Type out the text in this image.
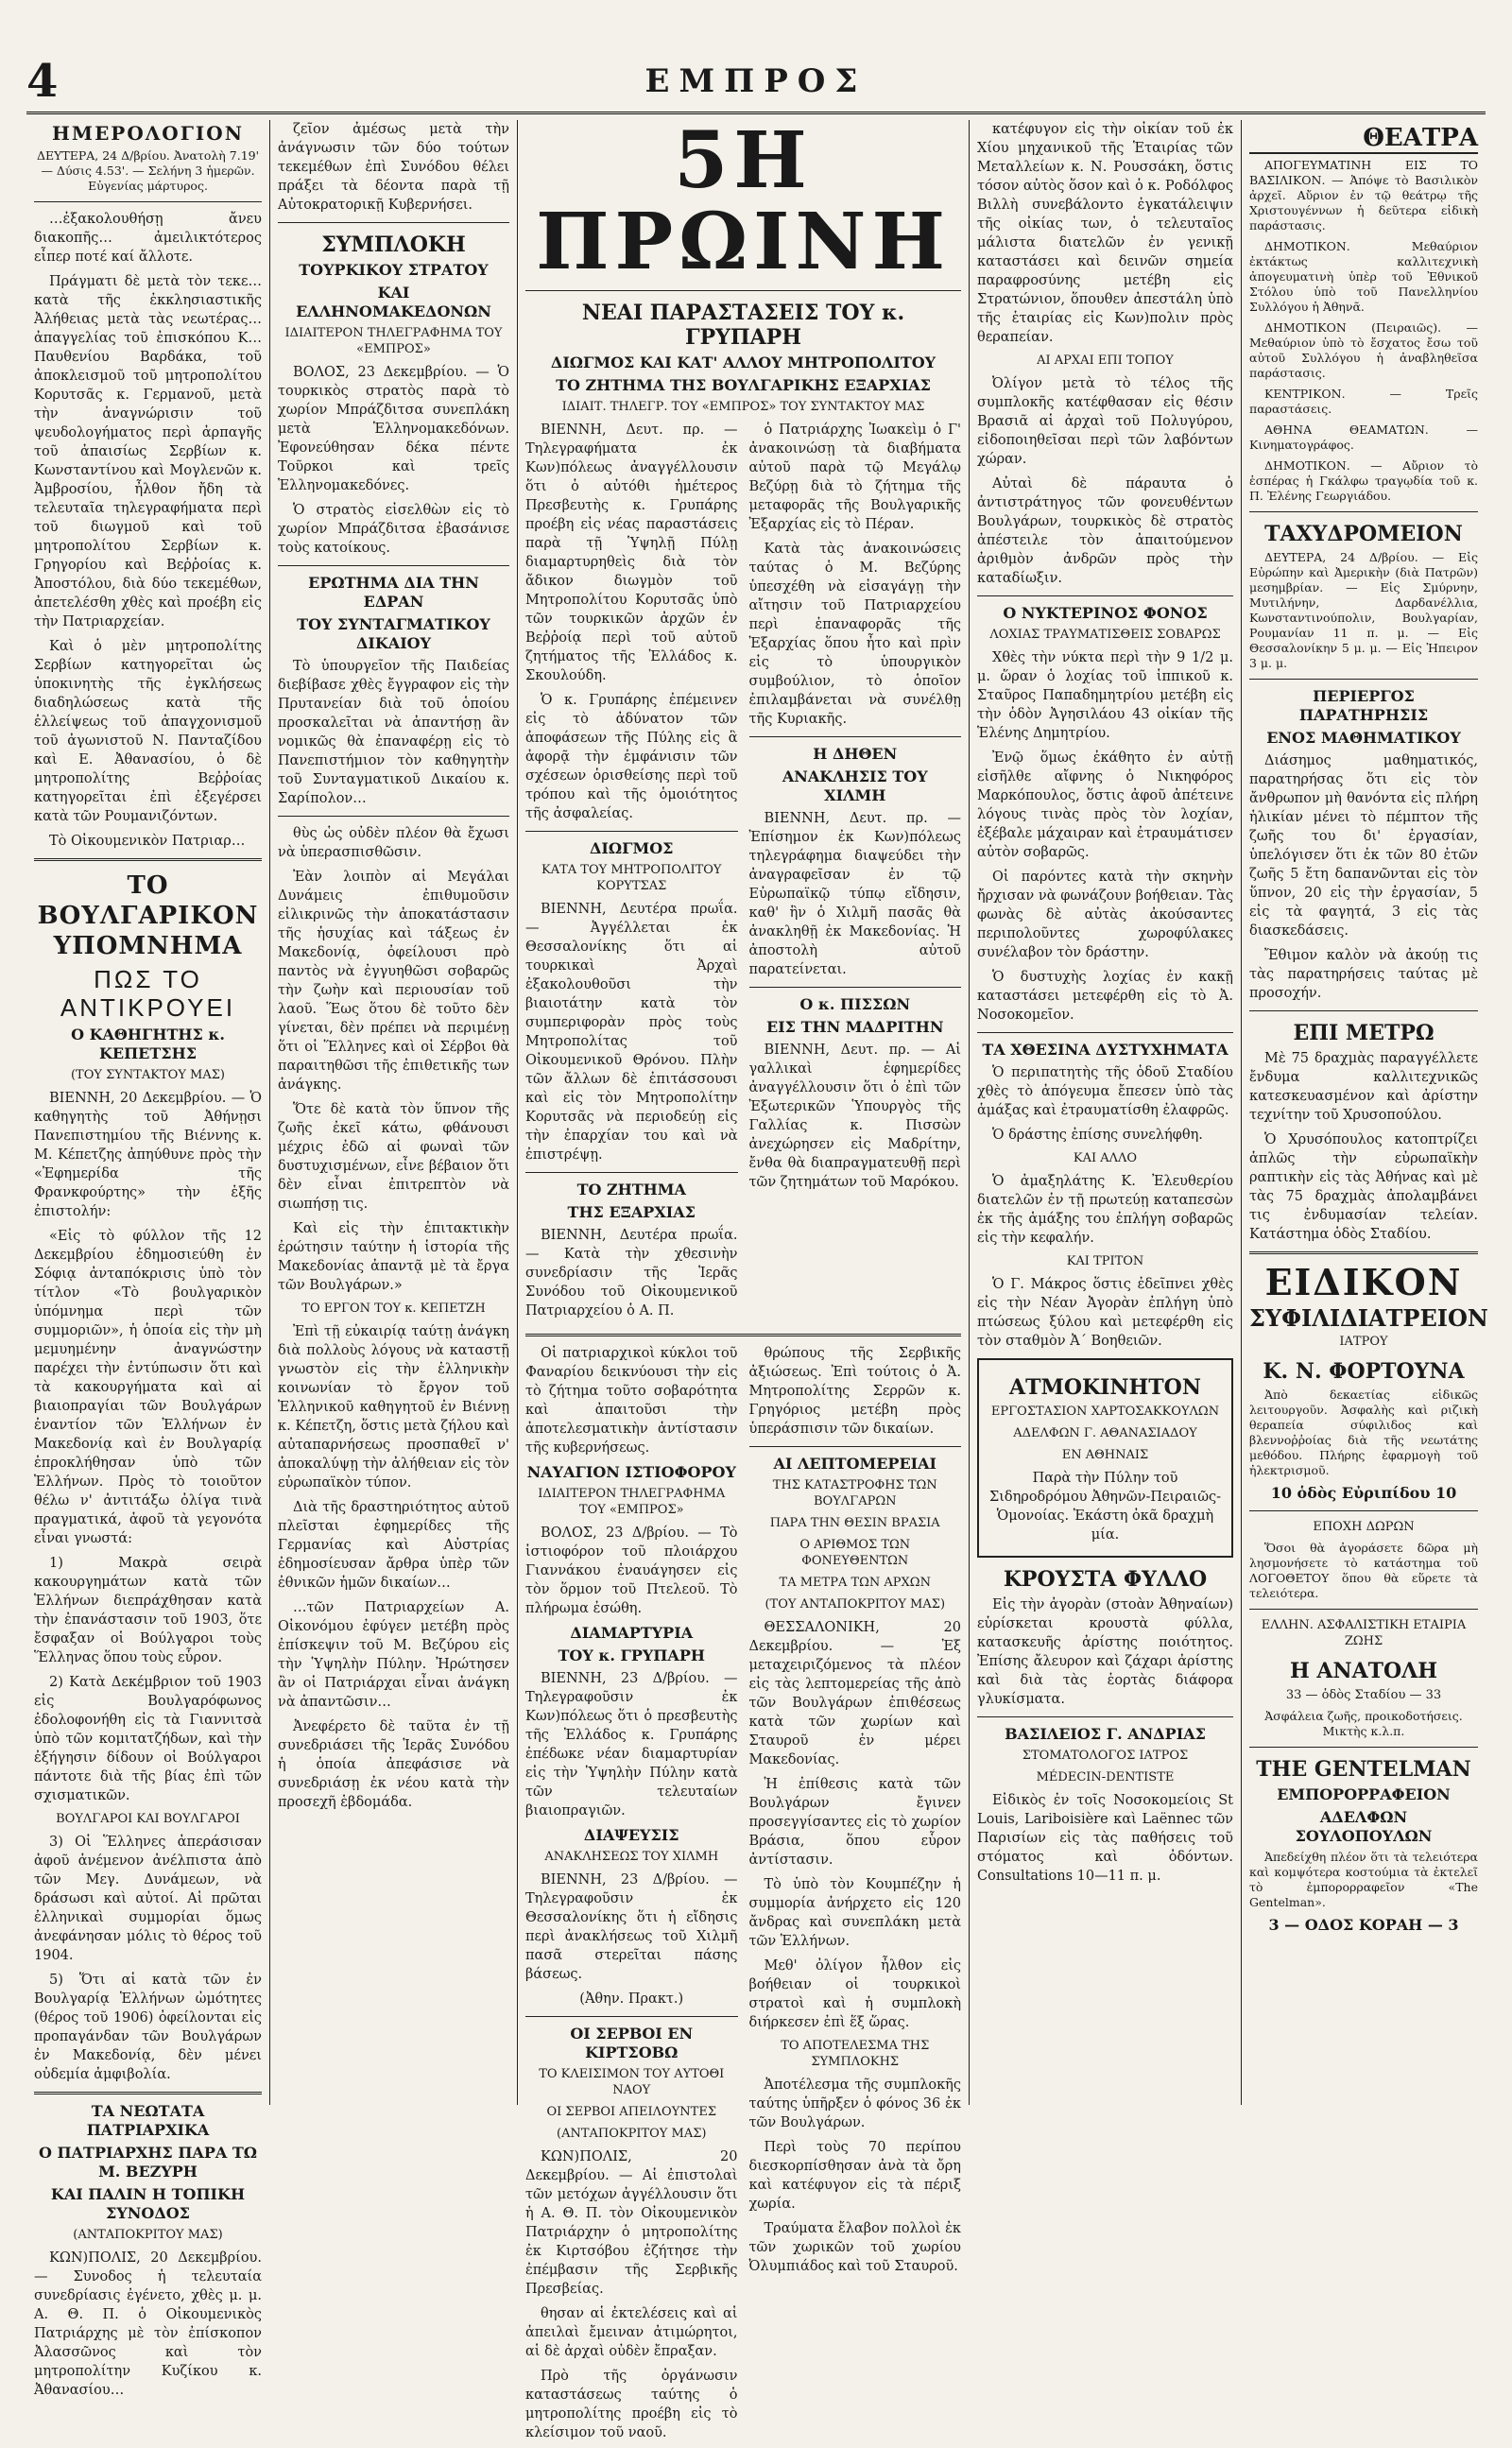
4	ΕΜΠΡΟΣ
ΗΜΕΡΟΛΟΓΙΟΝ

ΔΕΥΤΕΡΑ, 24 Δ/βρίου. Ἀνατολὴ 7.19' — Δύσις 4.53'. — Σελήνη 3 ἡμερῶν. Εὐγενίας μάρτυρος.

…ἐξακολουθήσῃ ἄνευ διακοπῆς… ἀμειλικτότερος εἶπερ ποτέ καί ἄλλοτε.

Πράγματι δὲ μετὰ τὸν τεκε… κατὰ τῆς ἐκκλησιαστικῆς Ἀλήθειας μετὰ τὰς νεωτέρας… ἀπαγγελίας τοῦ ἐπισκόπου Κ… Παυθενίου Βαρδάκα, τοῦ ἀποκλεισμοῦ τοῦ μητροπολίτου Κορυτσᾶς κ. Γερμανοῦ, μετὰ τὴν ἀναγνώρισιν τοῦ ψευδολογήματος περὶ ἀρπαγῆς τοῦ ἀπαισίως Σερβίων κ. Κωνσταντίνου καὶ Μογλενῶν κ. Ἀμβροσίου, ἦλθον ἤδη τὰ τελευταῖα τηλεγραφήματα περὶ τοῦ διωγμοῦ καὶ τοῦ μητροπολίτου Σερβίων κ. Γρηγορίου καὶ Βεῤῥοίας κ. Ἀποστόλου, διὰ δύο τεκεμέθων, ἀπετελέσθη χθὲς καὶ προέβη εἰς τὴν Πατριαρχείαν.

Καὶ ὁ μὲν μητροπολίτης Σερβίων κατηγορεῖται ὡς ὑποκινητὴς τῆς ἐγκλήσεως διαδηλώσεως κατὰ τῆς ἐλλείψεως τοῦ ἀπαγχονισμοῦ τοῦ ἀγωνιστοῦ Ν. Πανταζίδου καὶ Ε. Ἀθανασίου, ὁ δὲ μητροπολίτης Βεῤῥοίας κατηγορεῖται ἐπὶ ἐξεγέρσει κατὰ τῶν Ρουμανιζόντων.

Τὸ Οἰκουμενικὸν Πατριαρ…

ΤΟ ΒΟΥΛΓΑΡΙΚΟΝ ΥΠΟΜΝΗΜΑ
ΠΩΣ ΤΟ ΑΝΤΙΚΡΟΥΕΙ
Ο ΚΑΘΗΓΗΤΗΣ κ. ΚΕΠΕΤΣΗΣ
(ΤΟΥ ΣΥΝΤΑΚΤΟΥ ΜΑΣ)

ΒΙΕΝΝΗ, 20 Δεκεμβρίου. — Ὁ καθηγητὴς τοῦ Ἀθήνῃσι Πανεπιστημίου τῆς Βιέννης κ. Μ. Κέπετζης ἀπηύθυνε πρὸς τὴν «Ἐφημερίδα τῆς Φρανκφούρτης» τὴν ἑξῆς ἐπιστολήν:

«Εἰς τὸ φύλλον τῆς 12 Δεκεμβρίου ἐδημοσιεύθη ἐν Σόφιᾳ ἀνταπόκρισις ὑπὸ τὸν τίτλον «Τὸ βουλγαρικὸν ὑπόμνημα περὶ τῶν συμμοριῶν», ἡ ὁποία εἰς τὴν μὴ μεμυημένην ἀναγνώστην παρέχει τὴν ἐντύπωσιν ὅτι καὶ τὰ κακουργήματα καὶ αἱ βιαιοπραγίαι τῶν Βουλγάρων ἐναντίον τῶν Ἑλλήνων ἐν Μακεδονίᾳ καὶ ἐν Βουλγαρίᾳ ἐπροκλήθησαν ὑπὸ τῶν Ἑλλήνων. Πρὸς τὸ τοιοῦτον θέλω ν' ἀντιτάξω ὀλίγα τινὰ πραγματικά, ἀφοῦ τὰ γεγονότα εἶναι γνωστά:

1) Μακρὰ σειρὰ κακουργημάτων κατὰ τῶν Ἑλλήνων διεπράχθησαν κατὰ τὴν ἐπανάστασιν τοῦ 1903, ὅτε ἔσφαξαν οἱ Βούλγαροι τοὺς Ἕλληνας ὅπου τοὺς εὗρον.

2) Κατὰ Δεκέμβριον τοῦ 1903 εἰς Βουλγαρόφωνος ἐδολοφονήθη εἰς τὰ Γιαννιτσὰ ὑπὸ τῶν κομιτατζήδων, καὶ τὴν ἐξήγησιν δίδουν οἱ Βούλγαροι πάντοτε διὰ τῆς βίας ἐπὶ τῶν σχισματικῶν.

ΒΟΥΛΓΑΡΟΙ ΚΑΙ ΒΟΥΛΓΑΡΟΙ

3) Οἱ Ἕλληνες ἀπεράσισαν ἀφοῦ ἀνέμενον ἀνέλπιστα ἀπὸ τῶν Μεγ. Δυνάμεων, νὰ δράσωσι καὶ αὐτοί. Αἱ πρῶται ἐλληνικαὶ συμμορίαι ὅμως ἀνεφάνησαν μόλις τὸ θέρος τοῦ 1904.

5) Ὅτι αἱ κατὰ τῶν ἐν Βουλγαρίᾳ Ἑλλήνων ὠμότητες (θέρος τοῦ 1906) ὀφείλονται εἰς προπαγάνδαν τῶν Βουλγάρων ἐν Μακεδονίᾳ, δὲν μένει οὐδεμία ἀμφιβολία.

ΤΑ ΝΕΩΤΑΤΑ ΠΑΤΡΙΑΡΧΙΚΑ
Ο ΠΑΤΡΙΑΡΧΗΣ ΠΑΡΑ ΤΩ Μ. ΒΕΖΥΡΗ
ΚΑΙ ΠΑΛΙΝ Η ΤΟΠΙΚΗ ΣΥΝΟΔΟΣ
(ΑΝΤΑΠΟΚΡΙΤΟΥ ΜΑΣ)

ΚΩΝ)ΠΟΛΙΣ, 20 Δεκεμβρίου. — Συνοδος ἡ τελευταία συνεδρίασις ἐγένετο, χθὲς μ. μ. Α. Θ. Π. ὁ Οἰκουμενικὸς Πατριάρχης μὲ τὸν ἐπίσκοπον Ἀλασσῶνος καὶ τὸν μητροπολίτην Κυζίκου κ. Ἀθανασίου…

ζεῖον ἀμέσως μετὰ τὴν ἀνάγνωσιν τῶν δύο τούτων τεκεμέθων ἐπὶ Συνόδου θέλει πράξει τὰ δέοντα παρὰ τῇ Αὐτοκρατορικῇ Κυβερνήσει.

ΣΥΜΠΛΟΚΗ
ΤΟΥΡΚΙΚΟΥ ΣΤΡΑΤΟΥ
ΚΑΙ ΕΛΛΗΝΟΜΑΚΕΔΟΝΩΝ
ΙΔΙΑΙΤΕΡΟΝ ΤΗΛΕΓΡΑΦΗΜΑ ΤΟΥ «ΕΜΠΡΟΣ»

ΒΟΛΟΣ, 23 Δεκεμβρίου. — Ὁ τουρκικὸς στρατὸς παρὰ τὸ χωρίον Μπράζδιτσα συνεπλάκη μετὰ Ἑλληνομακεδόνων. Ἐφονεύθησαν δέκα πέντε Τοῦρκοι καὶ τρεῖς Ἑλληνομακεδόνες.

Ὁ στρατὸς εἰσελθὼν εἰς τὸ χωρίον Μπράζδιτσα ἐβασάνισε τοὺς κατοίκους.

ΕΡΩΤΗΜΑ ΔΙΑ ΤΗΝ ΕΔΡΑΝ
ΤΟΥ ΣΥΝΤΑΓΜΑΤΙΚΟΥ ΔΙΚΑΙΟΥ

Τὸ ὑπουργεῖον τῆς Παιδείας διεβίβασε χθὲς ἔγγραφον εἰς τὴν Πρυτανείαν διὰ τοῦ ὁποίου προσκαλεῖται νὰ ἀπαντήσῃ ἂν νομικῶς θὰ ἐπαναφέρῃ εἰς τὸ Πανεπιστήμιον τὸν καθηγητὴν τοῦ Συνταγματικοῦ Δικαίου κ. Σαρίπολον…

θὺς ὡς οὐδὲν πλέον θὰ ἔχωσι νὰ ὑπερασπισθῶσιν.

Ἐὰν λοιπὸν αἱ Μεγάλαι Δυνάμεις ἐπιθυμοῦσιν εἰλικρινῶς τὴν ἀποκατάστασιν τῆς ἡσυχίας καὶ τάξεως ἐν Μακεδονίᾳ, ὀφείλουσι πρὸ παντὸς νὰ ἐγγυηθῶσι σοβαρῶς τὴν ζωὴν καὶ περιουσίαν τοῦ λαοῦ. Ἕως ὅτου δὲ τοῦτο δὲν γίνεται, δὲν πρέπει νὰ περιμένῃ ὅτι οἱ Ἕλληνες καὶ οἱ Σέρβοι θὰ παραιτηθῶσι τῆς ἐπιθετικῆς των ἀνάγκης.

Ὅτε δὲ κατὰ τὸν ὕπνον τῆς ζωῆς ἐκεῖ κάτω, φθάνουσι μέχρις ἐδῶ αἱ φωναὶ τῶν δυστυχισμένων, εἶνε βέβαιον ὅτι δὲν εἶναι ἐπιτρεπτὸν νὰ σιωπήσῃ τις.

Καὶ εἰς τὴν ἐπιτακτικὴν ἐρώτησιν ταύτην ἡ ἱστορία τῆς Μακεδονίας ἀπαντᾷ μὲ τὰ ἔργα τῶν Βουλγάρων.»

ΤΟ ΕΡΓΟΝ ΤΟΥ κ. ΚΕΠΕΤΖΗ

Ἐπὶ τῇ εὐκαιρίᾳ ταύτῃ ἀνάγκη διὰ πολλοὺς λόγους νὰ καταστῇ γνωστὸν εἰς τὴν ἑλληνικὴν κοινωνίαν τὸ ἔργον τοῦ Ἑλληνικοῦ καθηγητοῦ ἐν Βιέννῃ κ. Κέπετζη, ὅστις μετὰ ζήλου καὶ αὐταπαρνήσεως προσπαθεῖ ν' ἀποκαλύψῃ τὴν ἀλήθειαν εἰς τὸν εὐρωπαϊκὸν τύπον.

Διὰ τῆς δραστηριότητος αὐτοῦ πλεῖσται ἐφημερίδες τῆς Γερμανίας καὶ Αὐστρίας ἐδημοσίευσαν ἄρθρα ὑπὲρ τῶν ἐθνικῶν ἡμῶν δικαίων…

…τῶν Πατριαρχείων Α. Οἰκονόμου ἐφύγεν μετέβη πρὸς ἐπίσκεψιν τοῦ Μ. Βεζύρου εἰς τὴν Ὑψηλὴν Πύλην. Ἠρώτησεν ἂν οἱ Πατριάρχαι εἶναι ἀνάγκη νὰ ἀπαντῶσιν…

Ἀνεφέρετο δὲ ταῦτα ἐν τῇ συνεδριάσει τῆς Ἱερᾶς Συνόδου ἡ ὁποία ἀπεφάσισε νὰ συνεδριάσῃ ἐκ νέου κατὰ τὴν προσεχῆ ἑβδομάδα.

5Η ΠΡΩΙΝΗ
ΝΕΑΙ ΠΑΡΑΣΤΑΣΕΙΣ ΤΟΥ κ. ΓΡΥΠΑΡΗ
ΔΙΩΓΜΟΣ ΚΑΙ ΚΑΤ' ΑΛΛΟΥ ΜΗΤΡΟΠΟΛΙΤΟΥ
ΤΟ ΖΗΤΗΜΑ ΤΗΣ ΒΟΥΛΓΑΡΙΚΗΣ ΕΞΑΡΧΙΑΣ
ΙΔΙΑΙΤ. ΤΗΛΕΓΡ. ΤΟΥ «ΕΜΠΡΟΣ» ΤΟΥ ΣΥΝΤΑΚΤΟΥ ΜΑΣ

ΒΙΕΝΝΗ, Δευτ. πρ. — Τηλεγραφήματα ἐκ Κων)πόλεως ἀναγγέλλουσιν ὅτι ὁ αὐτόθι ἡμέτερος Πρεσβευτὴς κ. Γρυπάρης προέβη εἰς νέας παραστάσεις παρὰ τῇ Ὑψηλῇ Πύλῃ διαμαρτυρηθεὶς διὰ τὸν ἄδικον διωγμὸν τοῦ Μητροπολίτου Κορυτσᾶς ὑπὸ τῶν τουρκικῶν ἀρχῶν ἐν Βεῤῥοίᾳ περὶ τοῦ αὐτοῦ ζητήματος τῆς Ἐλλάδος κ. Σκουλούδη.

Ὁ κ. Γρυπάρης ἐπέμεινεν εἰς τὸ ἀδύνατον τῶν ἀποφάσεων τῆς Πύλης εἰς ἃ ἀφορᾷ τὴν ἐμφάνισιν τῶν σχέσεων ὁρισθείσης περὶ τοῦ τρόπου καὶ τῆς ὁμοιότητος τῆς ἀσφαλείας.

ΔΙΩΓΜΟΣ
ΚΑΤΑ ΤΟΥ ΜΗΤΡΟΠΟΛΙΤΟΥ ΚΟΡΥΤΣΑΣ

ΒΙΕΝΝΗ, Δευτέρα πρωΐα. — Ἀγγέλλεται ἐκ Θεσσαλονίκης ὅτι αἱ τουρκικαὶ Ἀρχαὶ ἐξακολουθοῦσι τὴν βιαιοτάτην κατὰ τὸν συμπεριφορὰν πρὸς τοὺς Μητροπολίτας τοῦ Οἰκουμενικοῦ Θρόνου. Πλὴν τῶν ἄλλων δὲ ἐπιτάσσουσι καὶ εἰς τὸν Μητροπολίτην Κορυτσᾶς νὰ περιοδεύῃ εἰς τὴν ἐπαρχίαν του καὶ νὰ ἐπιστρέψῃ.

ΤΟ ΖΗΤΗΜΑ
ΤΗΣ ΕΞΑΡΧΙΑΣ

ΒΙΕΝΝΗ, Δευτέρα πρωΐα. — Κατὰ τὴν χθεσινὴν συνεδρίασιν τῆς Ἱερᾶς Συνόδου τοῦ Οἰκουμενικοῦ Πατριαρχείου ὁ Α. Π.

ὁ Πατριάρχης Ἰωακεὶμ ὁ Γ' ἀνακοινώσῃ τὰ διαβήματα αὐτοῦ παρὰ τῷ Μεγάλῳ Βεζύρῃ διὰ τὸ ζήτημα τῆς μεταφορᾶς τῆς Βουλγαρικῆς Ἐξαρχίας εἰς τὸ Πέραν.

Κατὰ τὰς ἀνακοινώσεις ταύτας ὁ Μ. Βεζύρης ὑπεσχέθη νὰ εἰσαγάγῃ τὴν αἴτησιν τοῦ Πατριαρχείου περὶ ἐπαναφορᾶς τῆς Ἐξαρχίας ὅπου ἦτο καὶ πρὶν εἰς τὸ ὑπουργικὸν συμβούλιον, τὸ ὁποῖον ἐπιλαμβάνεται νὰ συνέλθῃ τῆς Κυριακῆς.

Η ΔΗΘΕΝ
ΑΝΑΚΛΗΣΙΣ ΤΟΥ ΧΙΛΜΗ

ΒΙΕΝΝΗ, Δευτ. πρ. — Ἐπίσημον ἐκ Κων)πόλεως τηλεγράφημα διαψεύδει τὴν ἀναγραφεῖσαν ἐν τῷ Εὐρωπαϊκῷ τύπῳ εἴδησιν, καθ' ἣν ὁ Χιλμῆ πασᾶς θὰ ἀνακληθῇ ἐκ Μακεδονίας. Ἡ ἀποστολὴ αὐτοῦ παρατείνεται.

Ο κ. ΠΙΣΣΩΝ
ΕΙΣ ΤΗΝ ΜΑΔΡΙΤΗΝ

ΒΙΕΝΝΗ, Δευτ. πρ. — Αἱ γαλλικαὶ ἐφημερίδες ἀναγγέλλουσιν ὅτι ὁ ἐπὶ τῶν Ἐξωτερικῶν Ὑπουργὸς τῆς Γαλλίας κ. Πισσὼν ἀνεχώρησεν εἰς Μαδρίτην, ἔνθα θὰ διαπραγματευθῇ περὶ τῶν ζητημάτων τοῦ Μαρόκου.

Οἱ πατριαρχικοὶ κύκλοι τοῦ Φαναρίου δεικνύουσι τὴν εἰς τὸ ζήτημα τοῦτο σοβαρότητα καὶ ἀπαιτοῦσι τὴν ἀποτελεσματικὴν ἀντίστασιν τῆς κυβερνήσεως.

ΝΑΥΑΓΙΟΝ ΙΣΤΙΟΦΟΡΟΥ
ΙΔΙΑΙΤΕΡΟΝ ΤΗΛΕΓΡΑΦΗΜΑ ΤΟΥ «ΕΜΠΡΟΣ»

ΒΟΛΟΣ, 23 Δ/βρίου. — Τὸ ἱστιοφόρον τοῦ πλοιάρχου Γιαννάκου ἐναυάγησεν εἰς τὸν ὅρμον τοῦ Πτελεοῦ. Τὸ πλήρωμα ἐσώθη.

ΔΙΑΜΑΡΤΥΡΙΑ
ΤΟΥ κ. ΓΡΥΠΑΡΗ

ΒΙΕΝΝΗ, 23 Δ/βρίου. — Τηλεγραφοῦσιν ἐκ Κων)πόλεως ὅτι ὁ πρεσβευτὴς τῆς Ἑλλάδος κ. Γρυπάρης ἐπέδωκε νέαν διαμαρτυρίαν εἰς τὴν Ὑψηλὴν Πύλην κατὰ τῶν τελευταίων βιαιοπραγιῶν.

ΔΙΑΨΕΥΣΙΣ
ΑΝΑΚΛΗΣΕΩΣ ΤΟΥ ΧΙΛΜΗ

ΒΙΕΝΝΗ, 23 Δ/βρίου. — Τηλεγραφοῦσιν ἐκ Θεσσαλονίκης ὅτι ἡ εἴδησις περὶ ἀνακλήσεως τοῦ Χιλμῆ πασᾶ στερεῖται πάσης βάσεως.

(Ἀθην. Πρακτ.)

ΟΙ ΣΕΡΒΟΙ ΕΝ ΚΙΡΤΣΟΒΩ
ΤΟ ΚΛΕΙΣΙΜΟΝ ΤΟΥ ΑΥΤΟΘΙ ΝΑΟΥ
ΟΙ ΣΕΡΒΟΙ ΑΠΕΙΛΟΥΝΤΕΣ
(ΑΝΤΑΠΟΚΡΙΤΟΥ ΜΑΣ)

ΚΩΝ)ΠΟΛΙΣ, 20 Δεκεμβρίου. — Αἱ ἐπιστολαὶ τῶν μετόχων ἀγγέλλουσιν ὅτι ἡ Α. Θ. Π. τὸν Οἰκουμενικὸν Πατριάρχην ὁ μητροπολίτης ἐκ Κιρτσόβου ἐζήτησε τὴν ἐπέμβασιν τῆς Σερβικῆς Πρεσβείας.

θησαν αἱ ἐκτελέσεις καὶ αἱ ἀπειλαὶ ἔμειναν ἀτιμώρητοι, αἱ δὲ ἀρχαὶ οὐδὲν ἔπραξαν.

Πρὸ τῆς ὀργάνωσιν καταστάσεως ταύτης ὁ μητροπολίτης προέβη εἰς τὸ κλείσιμον τοῦ ναοῦ.

θρώπους τῆς Σερβικῆς ἀξιώσεως. Ἐπὶ τούτοις ὁ Ἀ. Μητροπολίτης Σερρῶν κ. Γρηγόριος μετέβη πρὸς ὑπεράσπισιν τῶν δικαίων.

ΑΙ ΛΕΠΤΟΜΕΡΕΙΑΙ
ΤΗΣ ΚΑΤΑΣΤΡΟΦΗΣ ΤΩΝ ΒΟΥΛΓΑΡΩΝ
ΠΑΡΑ ΤΗΝ ΘΕΣΙΝ ΒΡΑΣΙΑ
Ο ΑΡΙΘΜΟΣ ΤΩΝ ΦΟΝΕΥΘΕΝΤΩΝ
ΤΑ ΜΕΤΡΑ ΤΩΝ ΑΡΧΩΝ
(ΤΟΥ ΑΝΤΑΠΟΚΡΙΤΟΥ ΜΑΣ)

ΘΕΣΣΑΛΟΝΙΚΗ, 20 Δεκεμβρίου. — Ἐξ μεταχειριζόμενος τὰ πλέον εἰς τὰς λεπτομερείας τῆς ἀπὸ τῶν Βουλγάρων ἐπιθέσεως κατὰ τῶν χωρίων καὶ Σταυροῦ ἐν μέρει Μακεδονίας.

Ἡ ἐπίθεσις κατὰ τῶν Βουλγάρων ἔγινεν προσεγγίσαντες εἰς τὸ χωρίον Βράσια, ὅπου εὗρον ἀντίστασιν.

Τὸ ὑπὸ τὸν Κουμπέζην ἡ συμμορία ἀνήρχετο εἰς 120 ἄνδρας καὶ συνεπλάκη μετὰ τῶν Ἑλλήνων.

Μεθ' ὀλίγον ἦλθον εἰς βοήθειαν οἱ τουρκικοὶ στρατοὶ καὶ ἡ συμπλοκὴ διήρκεσεν ἐπὶ ἕξ ὥρας.

ΤΟ ΑΠΟΤΕΛΕΣΜΑ ΤΗΣ ΣΥΜΠΛΟΚΗΣ

Ἀποτέλεσμα τῆς συμπλοκῆς ταύτης ὑπῆρξεν ὁ φόνος 36 ἐκ τῶν Βουλγάρων.

Περὶ τοὺς 70 περίπου διεσκορπίσθησαν ἀνὰ τὰ ὄρη καὶ κατέφυγον εἰς τὰ πέριξ χωρία.

Τραύματα ἔλαβον πολλοὶ ἐκ τῶν χωρικῶν τοῦ χωρίου Ὀλυμπιάδος καὶ τοῦ Σταυροῦ.

κατέφυγον εἰς τὴν οἰκίαν τοῦ ἐκ Χίου μηχανικοῦ τῆς Ἑταιρίας τῶν Μεταλλείων κ. Ν. Ρουσσάκη, ὅστις τόσον αὐτὸς ὅσον καὶ ὁ κ. Ροδόλφος Βιλλὴ συνεβάλοντο ἐγκατάλειψιν τῆς οἰκίας των, ὁ τελευταῖος μάλιστα διατελῶν ἐν γενικῇ καταστάσει καὶ δεινῶν σημεία παραφροσύνης μετέβη εἰς Στρατώνιον, ὅπουθεν ἀπεστάλη ὑπὸ τῆς ἑταιρίας εἰς Κων)πολιν πρὸς θεραπείαν.

ΑΙ ΑΡΧΑΙ ΕΠΙ ΤΟΠΟΥ

Ὀλίγον μετὰ τὸ τέλος τῆς συμπλοκῆς κατέφθασαν εἰς θέσιν Βρασιᾶ αἱ ἀρχαὶ τοῦ Πολυγύρου, εἰδοποιηθεῖσαι περὶ τῶν λαβόντων χώραν.

Αὐταὶ δὲ πάραυτα ὁ ἀντιστράτηγος τῶν φονευθέντων Βουλγάρων, τουρκικὸς δὲ στρατὸς ἀπέστειλε τὸν ἀπαιτούμενον ἀριθμὸν ἀνδρῶν πρὸς τὴν καταδίωξιν.

Ο ΝΥΚΤΕΡΙΝΟΣ ΦΟΝΟΣ
ΛΟΧΙΑΣ ΤΡΑΥΜΑΤΙΣΘΕΙΣ ΣΟΒΑΡΩΣ

Χθὲς τὴν νύκτα περὶ τὴν 9 1/2 μ. μ. ὥραν ὁ λοχίας τοῦ ἱππικοῦ κ. Σταῦρος Παπαδημητρίου μετέβη εἰς τὴν ὁδὸν Ἀγησιλάου 43 οἰκίαν τῆς Ἑλένης Δημητρίου.

Ἐνῷ ὅμως ἐκάθητο ἐν αὐτῇ εἰσῆλθε αἴφνης ὁ Νικηφόρος Μαρκόπουλος, ὅστις ἀφοῦ ἀπέτεινε λόγους τινὰς πρὸς τὸν λοχίαν, ἐξέβαλε μάχαιραν καὶ ἐτραυμάτισεν αὐτὸν σοβαρῶς.

Οἱ παρόντες κατὰ τὴν σκηνὴν ἤρχισαν νὰ φωνάζουν βοήθειαν. Τὰς φωνὰς δὲ αὐτὰς ἀκούσαντες περιπολοῦντες χωροφύλακες συνέλαβον τὸν δράστην.

Ὁ δυστυχὴς λοχίας ἐν κακῇ καταστάσει μετεφέρθη εἰς τὸ Ἀ. Νοσοκομεῖον.

ΤΑ ΧΘΕΣΙΝΑ ΔΥΣΤΥΧΗΜΑΤΑ

Ὁ περιπατητὴς τῆς ὁδοῦ Σταδίου χθὲς τὸ ἀπόγευμα ἔπεσεν ὑπὸ τὰς ἁμάξας καὶ ἐτραυματίσθη ἐλαφρῶς.

Ὁ δράστης ἐπίσης συνελήφθη.

ΚΑΙ ΑΛΛΟ

Ὁ ἀμαξηλάτης Κ. Ἐλευθερίου διατελῶν ἐν τῇ πρωτεύῃ καταπεσὼν ἐκ τῆς ἁμάξης του ἐπλήγη σοβαρῶς εἰς τὴν κεφαλήν.

ΚΑΙ ΤΡΙΤΟΝ

Ὁ Γ. Μάκρος ὅστις ἐδεῖπνει χθὲς εἰς τὴν Νέαν Ἀγορὰν ἐπλήγη ὑπὸ πτώσεως ξύλου καὶ μετεφέρθη εἰς τὸν σταθμὸν Ἀ΄ Βοηθειῶν.

ΑΤΜΟΚΙΝΗΤΟΝ
ΕΡΓΟΣΤΑΣΙΟΝ ΧΑΡΤΟΣΑΚΚΟΥΛΩΝ
ΑΔΕΛΦΩΝ Γ. ΑΘΑΝΑΣΙΑΔΟΥ
ΕΝ ΑΘΗΝΑΙΣ

Παρὰ τὴν Πύλην τοῦ Σιδηροδρόμου Ἀθηνῶν-Πειραιῶς-Ὁμονοίας. Ἑκάστη ὀκᾶ δραχμὴ μία.

ΚΡΟΥΣΤΑ ΦΥΛΛΟ

Εἰς τὴν ἀγορὰν (στοὰν Ἀθηναίων) εὑρίσκεται κρουστὰ φύλλα, κατασκευῆς ἀρίστης ποιότητος. Ἐπίσης ἄλευρον καὶ ζάχαρι ἀρίστης καὶ διὰ τὰς ἑορτὰς διάφορα γλυκίσματα.

ΒΑΣΙΛΕΙΟΣ Γ. ΑΝΔΡΙΑΣ
ΣΤΟΜΑΤΟΛΟΓΟΣ ΙΑΤΡΟΣ
MÉDECIN-DENTISTE

Εἰδικὸς ἐν τοῖς Νοσοκομείοις St Louis, Lariboisière καὶ Laënnec τῶν Παρισίων εἰς τὰς παθήσεις τοῦ στόματος καὶ ὀδόντων. Consultations 10—11 π. μ.

ΘΕΑΤΡΑ

ΑΠΟΓΕΥΜΑΤΙΝΗ ΕΙΣ ΤΟ ΒΑΣΙΛΙΚΟΝ. — Ἀπόψε τὸ Βασιλικὸν ἀρχεῖ. Αὔριον ἐν τῷ θεάτρῳ τῆς Χριστουγέννων ἡ δεῦτερα εἰδικὴ παράστασις.

ΔΗΜΟΤΙΚΟΝ. Μεθαύριον ἐκτάκτως καλλιτεχνικὴ ἀπογευματινὴ ὑπὲρ τοῦ Ἐθνικοῦ Στόλου ὑπὸ τοῦ Πανελληνίου Συλλόγου ἡ Ἀθηνᾶ.

ΔΗΜΟΤΙΚΟΝ (Πειραιῶς). — Μεθαύριον ὑπὸ τὸ ἔσχατος ἔσω τοῦ αὐτοῦ Συλλόγου ἡ ἀναβληθεῖσα παράστασις.

ΚΕΝΤΡΙΚΟΝ. — Τρεῖς παραστάσεις.

ΑΘΗΝΑ ΘΕΑΜΑΤΩΝ. — Κινηματογράφος.

ΔΗΜΟΤΙΚΟΝ. — Αὔριον τὸ ἑσπέρας ἡ Γκάλφω τραγῳδία τοῦ κ. Π. Ἐλένης Γεωργιάδου.

ΤΑΧΥΔΡΟΜΕΙΟΝ

ΔΕΥΤΕΡΑ, 24 Δ/βρίου. — Εἰς Εὐρώπην καὶ Ἀμερικὴν (διὰ Πατρῶν) μεσημβρίαν. — Εἰς Σμύρνην, Μυτιλήνην, Δαρδανέλλια, Κωνσταντινούπολιν, Βουλγαρίαν, Ρουμανίαν 11 π. μ. — Εἰς Θεσσαλονίκην 5 μ. μ. — Εἰς Ἡπειρον 3 μ. μ.

ΠΕΡΙΕΡΓΟΣ ΠΑΡΑΤΗΡΗΣΙΣ
ΕΝΟΣ ΜΑΘΗΜΑΤΙΚΟΥ

Διάσημος μαθηματικός, παρατηρήσας ὅτι εἰς τὸν ἄνθρωπον μὴ θανόντα εἰς πλήρη ἡλικίαν μένει τὸ πέμπτον τῆς ζωῆς του δι' ἐργασίαν, ὑπελόγισεν ὅτι ἐκ τῶν 80 ἐτῶν ζωῆς 5 ἔτη δαπανῶνται εἰς τὸν ὕπνον, 20 εἰς τὴν ἐργασίαν, 5 εἰς τὰ φαγητά, 3 εἰς τὰς διασκεδάσεις.

Ἔθιμον καλὸν νὰ ἀκούῃ τις τὰς παρατηρήσεις ταύτας μὲ προσοχήν.

ΕΠΙ ΜΕΤΡΩ

Μὲ 75 δραχμὰς παραγγέλλετε ἔνδυμα καλλιτεχνικῶς κατεσκευασμένον καὶ ἀρίστην τεχνίτην τοῦ Χρυσοπούλου.

Ὁ Χρυσόπουλος κατοπτρίζει ἁπλῶς τὴν εὐρωπαϊκὴν ραπτικὴν εἰς τὰς Ἀθήνας καὶ μὲ τὰς 75 δραχμὰς ἀπολαμβάνει τις ἐνδυμασίαν τελείαν. Κατάστημα ὁδὸς Σταδίου.

ΕΙΔΙΚΟΝ
ΣΥΦΙΛΙΔΙΑΤΡΕΙΟΝ
ΙΑΤΡΟΥ
Κ. Ν. ΦΟΡΤΟΥΝΑ

Ἀπὸ δεκαετίας εἰδικῶς λειτουργοῦν. Ἀσφαλὴς καὶ ριζικὴ θεραπεία σύφιλιδος καὶ βλεννοῤῥοίας διὰ τῆς νεωτάτης μεθόδου. Πλήρης ἐφαρμογὴ τοῦ ἠλεκτρισμοῦ.

10 ὁδὸς Εὐριπίδου 10
ΕΠΟΧΗ ΔΩΡΩΝ

Ὅσοι θὰ ἀγοράσετε δῶρα μὴ λησμονήσετε τὸ κατάστημα τοῦ ΛΟΓΟΘΕΤΟΥ ὅπου θὰ εὕρετε τὰ τελειότερα.

ΕΛΛΗΝ. ΑΣΦΑΛΙΣΤΙΚΗ ΕΤΑΙΡΙΑ ΖΩΗΣ
Η ΑΝΑΤΟΛΗ
33 — ὁδὸς Σταδίου — 33

Ἀσφάλεια ζωῆς, προικοδοτήσεις. Μικτὴς κ.λ.π.

THE GENTELMAN
ΕΜΠΟΡΟΡΡΑΦΕΙΟΝ
ΑΔΕΛΦΩΝ ΣΟΥΛΟΠΟΥΛΩΝ

Ἀπεδείχθη πλέον ὅτι τὰ τελειότερα καὶ κομψότερα κοστούμια τὰ ἐκτελεῖ τὸ ἐμπορορραφεῖον «The Gentelman».

3 — ΟΔΟΣ ΚΟΡΑΗ — 3
